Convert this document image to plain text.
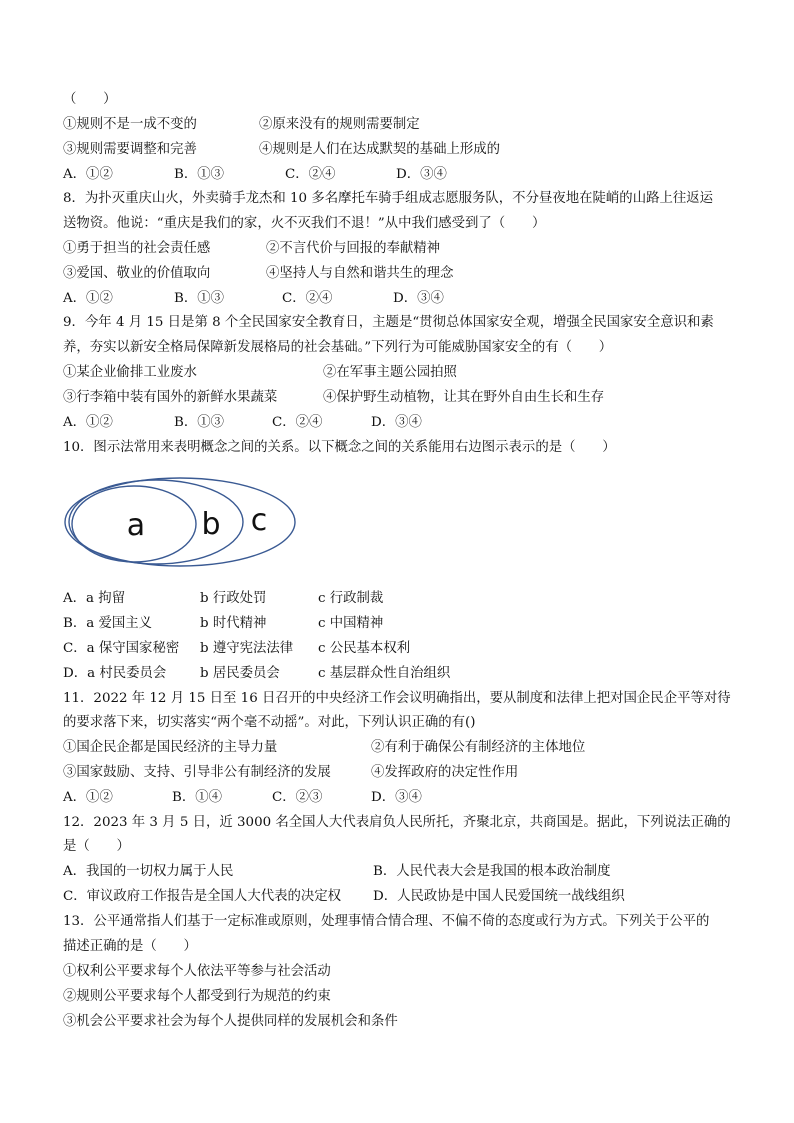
（　　）
①规则不是一成不变的	②原来没有的规则需要制定
③规则需要调整和完善	④规则是人们在达成默契的基础上形成的
A．①②	B．①③	C．②④	D．③④
8．为扑灭重庆山火，外卖骑手龙杰和 10 多名摩托车骑手组成志愿服务队，不分昼夜地在陡峭的山路上往返运
送物资。他说：“重庆是我们的家，火不灭我们不退！”从中我们感受到了（　　）
①勇于担当的社会责任感	②不言代价与回报的奉献精神
③爱国、敬业的价值取向	④坚持人与自然和谐共生的理念
A．①②	B．①③	C．②④	D．③④
9．今年 4 月 15 日是第 8 个全民国家安全教育日，主题是“贯彻总体国家安全观，增强全民国家安全意识和素
养，夯实以新安全格局保障新发展格局的社会基础。”下列行为可能威胁国家安全的有（　　）
①某企业偷排工业废水	②在军事主题公园拍照
③行李箱中装有国外的新鲜水果蔬菜	④保护野生动植物，让其在野外自由生长和生存
A．①②	B．①③	C．②④	D．③④
10．图示法常用来表明概念之间的关系。以下概念之间的关系能用右边图示表示的是（　　）
a b c
A．a 拘留	b 行政处罚	c 行政制裁
B．a 爱国主义	b 时代精神	c 中国精神
C．a 保守国家秘密 b 遵守宪法法律 c 公民基本权利
D．a 村民委员会	b 居民委员会	c 基层群众性自治组织
11．2022 年 12 月 15 日至 16 日召开的中央经济工作会议明确指出，要从制度和法律上把对国企民企平等对待
的要求落下来，切实落实“两个毫不动摇”。对此，下列认识正确的有()
①国企民企都是国民经济的主导力量	②有利于确保公有制经济的主体地位
③国家鼓励、支持、引导非公有制经济的发展	④发挥政府的决定性作用
A．①②	B．①④	C．②③	D．③④
12．2023 年 3 月 5 日，近 3000 名全国人大代表肩负人民所托，齐聚北京，共商国是。据此，下列说法正确的
是（　　）
A．我国的一切权力属于人民	B．人民代表大会是我国的根本政治制度
C．审议政府工作报告是全国人大代表的决定权 D．人民政协是中国人民爱国统一战线组织
13．公平通常指人们基于一定标准或原则，处理事情合情合理、不偏不倚的态度或行为方式。下列关于公平的
描述正确的是（　　）
①权利公平要求每个人依法平等参与社会活动
②规则公平要求每个人都受到行为规范的约束
③机会公平要求社会为每个人提供同样的发展机会和条件
